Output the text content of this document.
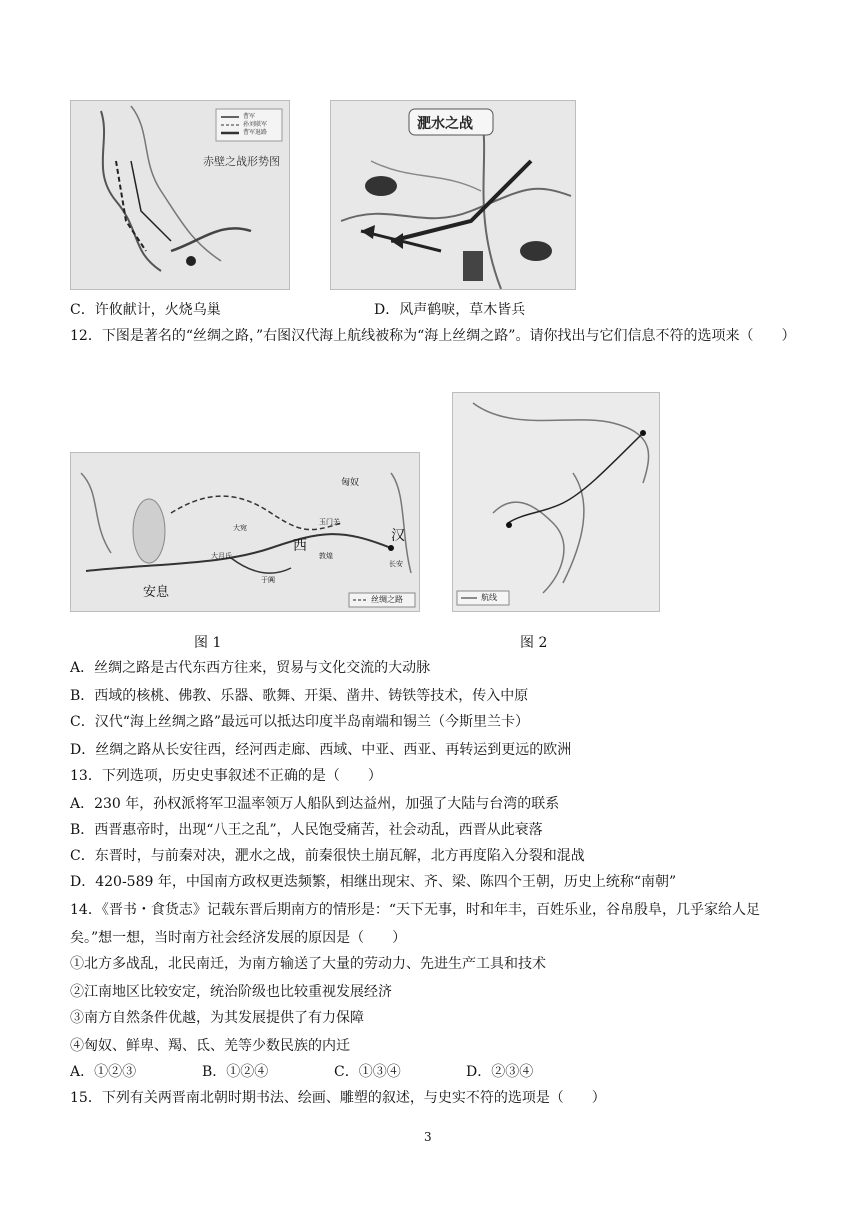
赤壁之战形势图
曹军
孙刘联军
曹军退路
淝水之战
C．许攸献计，火烧乌巢	D．风声鹤唳，草木皆兵
12．下图是著名的“丝绸之路，”右图汉代海上航线被称为“海上丝绸之路”。请你找出与它们信息不符的选项来（　　）
大宛
安息
大月氏
西
汉
长安
敦煌
玉门关
匈奴
于阗
丝绸之路	航线
图 1	图 2
A．丝绸之路是古代东西方往来，贸易与文化交流的大动脉
B．西域的核桃、佛教、乐器、歌舞、开渠、凿井、铸铁等技术，传入中原
C．汉代“海上丝绸之路”最远可以抵达印度半岛南端和锡兰（今斯里兰卡）
D．丝绸之路从长安往西，经河西走廊、西域、中亚、西亚、再转运到更远的欧洲
13．下列选项，历史史事叙述不正确的是（　　）
A．230 年，孙权派将军卫温率领万人船队到达益州，加强了大陆与台湾的联系
B．西晋惠帝时，出现“八王之乱”，人民饱受痛苦，社会动乱，西晋从此衰落
C．东晋时，与前秦对决，淝水之战，前秦很快土崩瓦解，北方再度陷入分裂和混战
D．420-589 年，中国南方政权更迭频繁，相继出现宋、齐、梁、陈四个王朝，历史上统称“南朝”
14．《晋书・食货志》记载东晋后期南方的情形是：“天下无事，时和年丰，百姓乐业，谷帛殷阜，几乎家给人足矣。”想一想，当时南方社会经济发展的原因是（　　）
①北方多战乱，北民南迁，为南方输送了大量的劳动力、先进生产工具和技术
②江南地区比较安定，统治阶级也比较重视发展经济
③南方自然条件优越，为其发展提供了有力保障
④匈奴、鲜卑、羯、氐、羌等少数民族的内迁
A．①②③	B．①②④	C．①③④	D．②③④
15．下列有关两晋南北朝时期书法、绘画、雕塑的叙述，与史实不符的选项是（　　）
3
